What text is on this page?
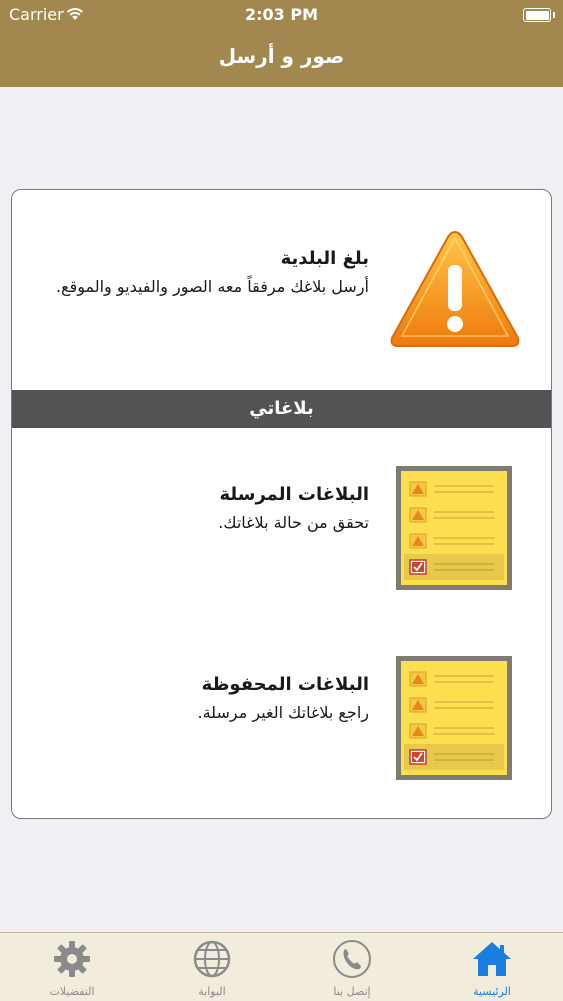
Carrier	2:03 PM
صور و أرسل
بلغ البلدية
أرسل بلاغك مرفقاً معه الصور والفيديو والموقع.
بلاغاتي
البلاغات المرسلة
تحقق من حالة بلاغاتك.
البلاغات المحفوظة
راجع بلاغاتك الغير مرسلة.
الرئيسية
إتصل بنا
البوابة
التفضيلات
